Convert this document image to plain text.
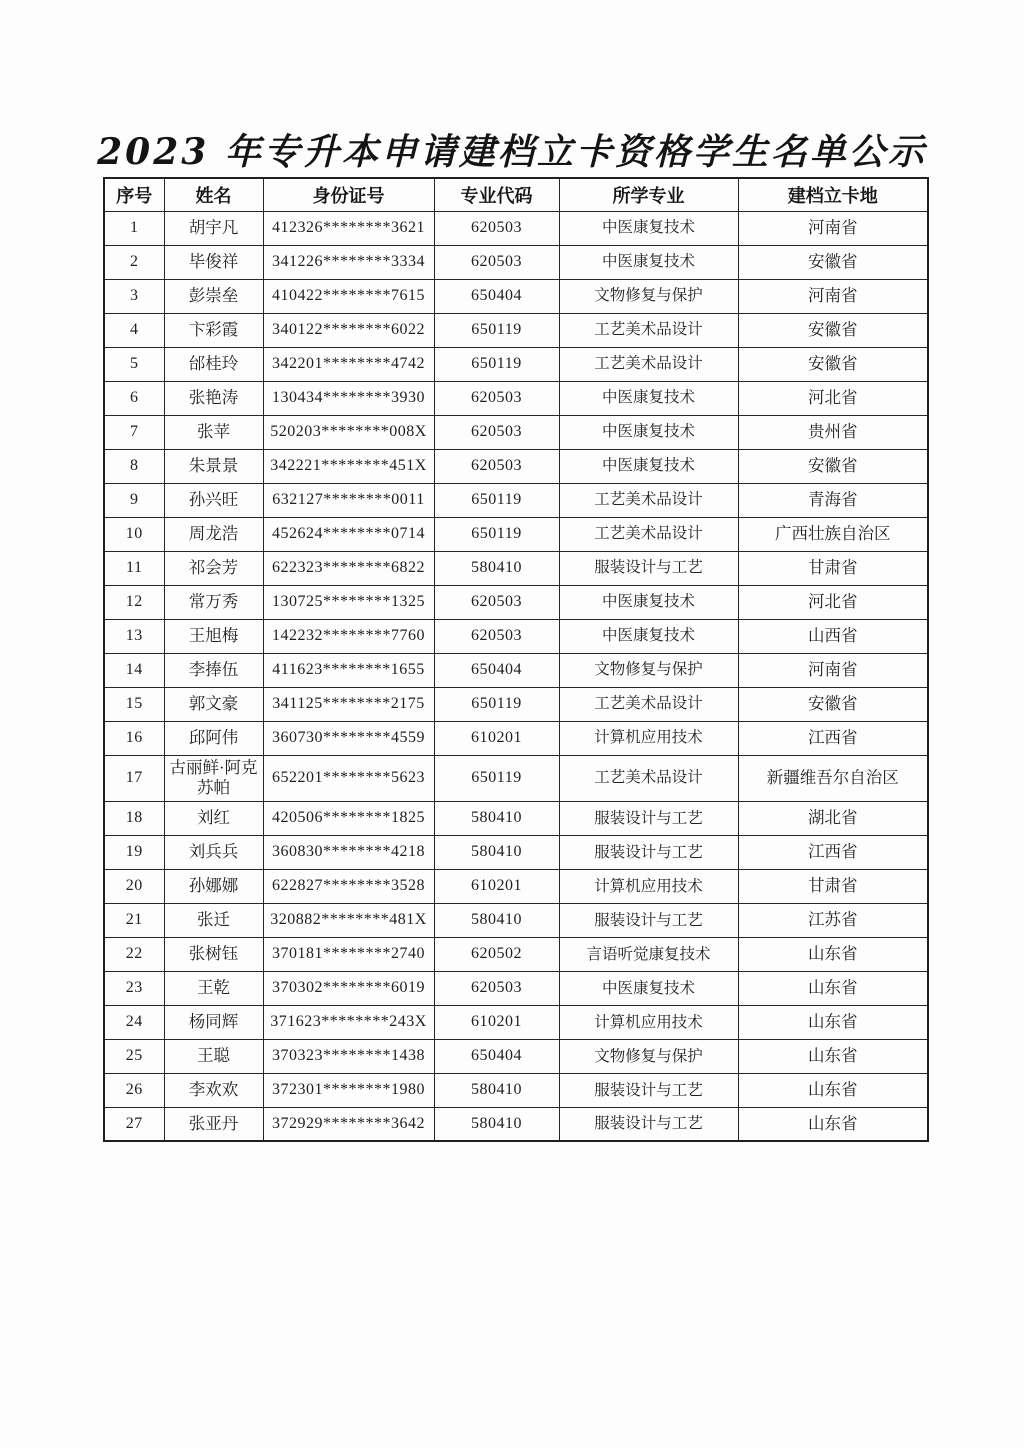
2023 年专升本申请建档立卡资格学生名单公示
序号	姓名	身份证号	专业代码	所学专业	建档立卡地
1	胡宇凡	412326********3621	620503	中医康复技术	河南省
2	毕俊祥	341226********3334	620503	中医康复技术	安徽省
3	彭崇垒	410422********7615	650404	文物修复与保护	河南省
4	卞彩霞	340122********6022	650119	工艺美术品设计	安徽省
5	邰桂玲	342201********4742	650119	工艺美术品设计	安徽省
6	张艳涛	130434********3930	620503	中医康复技术	河北省
7	张苹	520203********008X	620503	中医康复技术	贵州省
8	朱景景	342221********451X	620503	中医康复技术	安徽省
9	孙兴旺	632127********0011	650119	工艺美术品设计	青海省
10	周龙浩	452624********0714	650119	工艺美术品设计	广西壮族自治区
11	祁会芳	622323********6822	580410	服装设计与工艺	甘肃省
12	常万秀	130725********1325	620503	中医康复技术	河北省
13	王旭梅	142232********7760	620503	中医康复技术	山西省
14	李捧伍	411623********1655	650404	文物修复与保护	河南省
15	郭文豪	341125********2175	650119	工艺美术品设计	安徽省
16	邱阿伟	360730********4559	610201	计算机应用技术	江西省
17	古丽鲜·阿克苏帕	652201********5623	650119	工艺美术品设计	新疆维吾尔自治区
18	刘红	420506********1825	580410	服装设计与工艺	湖北省
19	刘兵兵	360830********4218	580410	服装设计与工艺	江西省
20	孙娜娜	622827********3528	610201	计算机应用技术	甘肃省
21	张迁	320882********481X	580410	服装设计与工艺	江苏省
22	张树钰	370181********2740	620502	言语听觉康复技术	山东省
23	王乾	370302********6019	620503	中医康复技术	山东省
24	杨同辉	371623********243X	610201	计算机应用技术	山东省
25	王聪	370323********1438	650404	文物修复与保护	山东省
26	李欢欢	372301********1980	580410	服装设计与工艺	山东省
27	张亚丹	372929********3642	580410	服装设计与工艺	山东省
